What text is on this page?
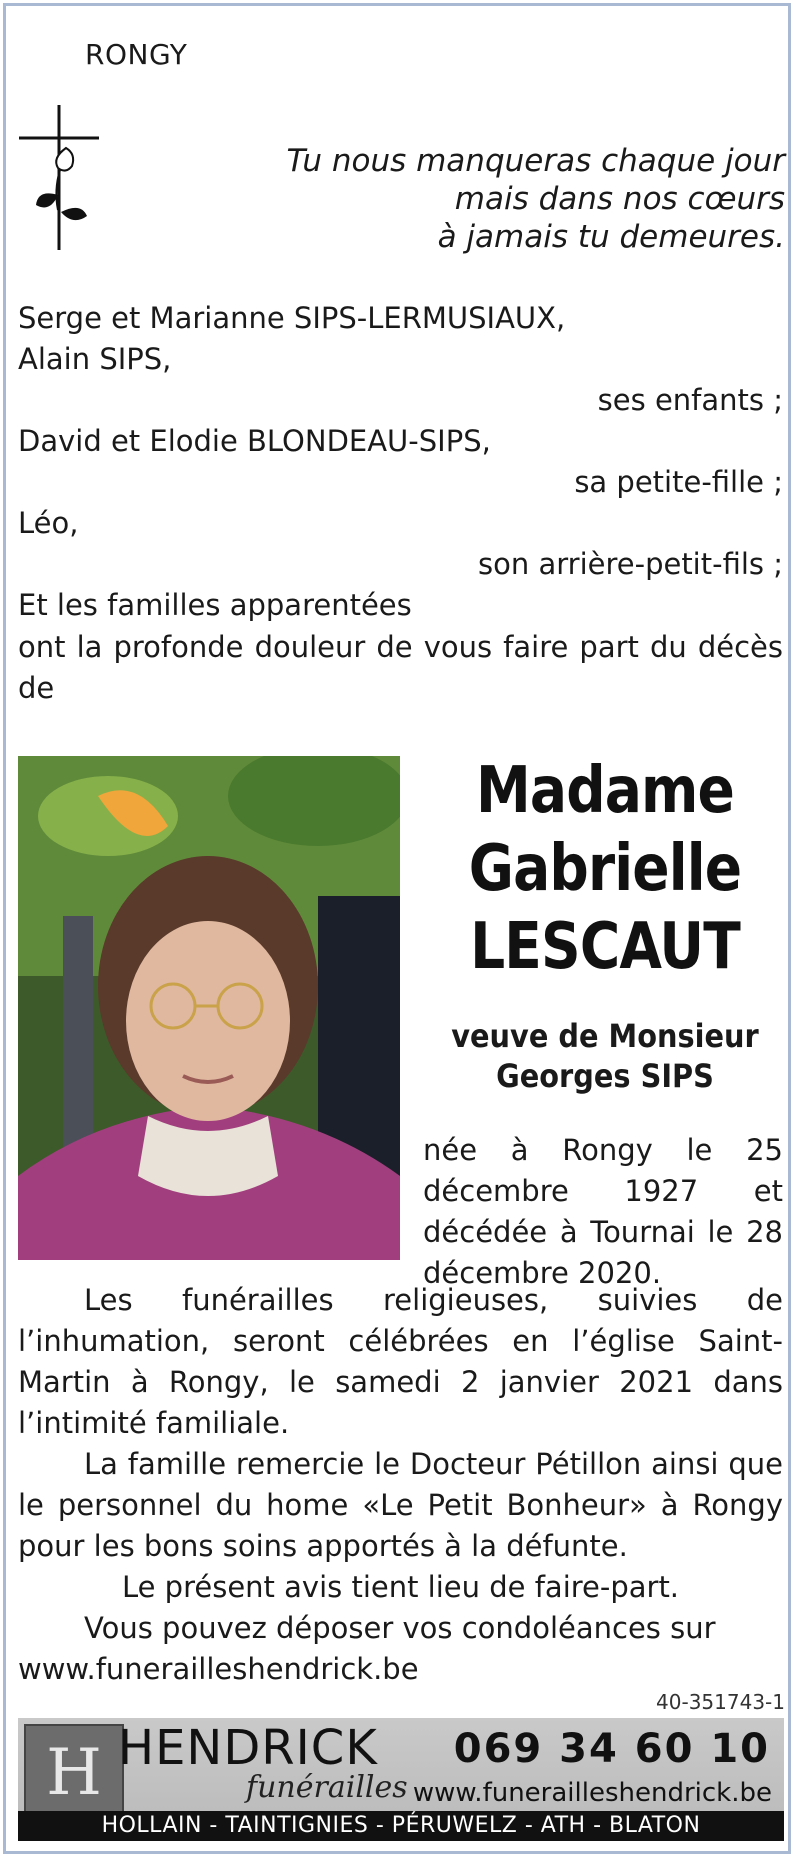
RONGY
Tu nous manqueras chaque jour
mais dans nos cœurs
à jamais tu demeures.
Serge et Marianne SIPS-LERMUSIAUX,
Alain SIPS,
ses enfants ;
David et Elodie BLONDEAU-SIPS,
sa petite-fille ;
Léo,
son arrière-petit-fils ;
Et les familles apparentées
ont la profonde douleur de vous faire part du décès de
Madame
Gabrielle
LESCAUT
veuve de Monsieur
Georges SIPS
née à Rongy le 25 décembre 1927 et décédée à Tournai le 28 décembre 2020.

Les funérailles religieuses, suivies de l’inhumation, seront célébrées en l’église Saint-Martin à Rongy, le samedi 2 janvier 2021 dans l’intimité familiale.

La famille remercie le Docteur Pétillon ainsi que le personnel du home «Le Petit Bonheur» à Rongy pour les bons soins apportés à la défunte.

Le présent avis tient lieu de faire-part.

Vous pouvez déposer vos condoléances sur

www.funerailleshendrick.be

40-351743-1
H HENDRICK
funérailles
069 34 60 10
www.funerailleshendrick.be
HOLLAIN - TAINTIGNIES - PÉRUWELZ - ATH - BLATON
